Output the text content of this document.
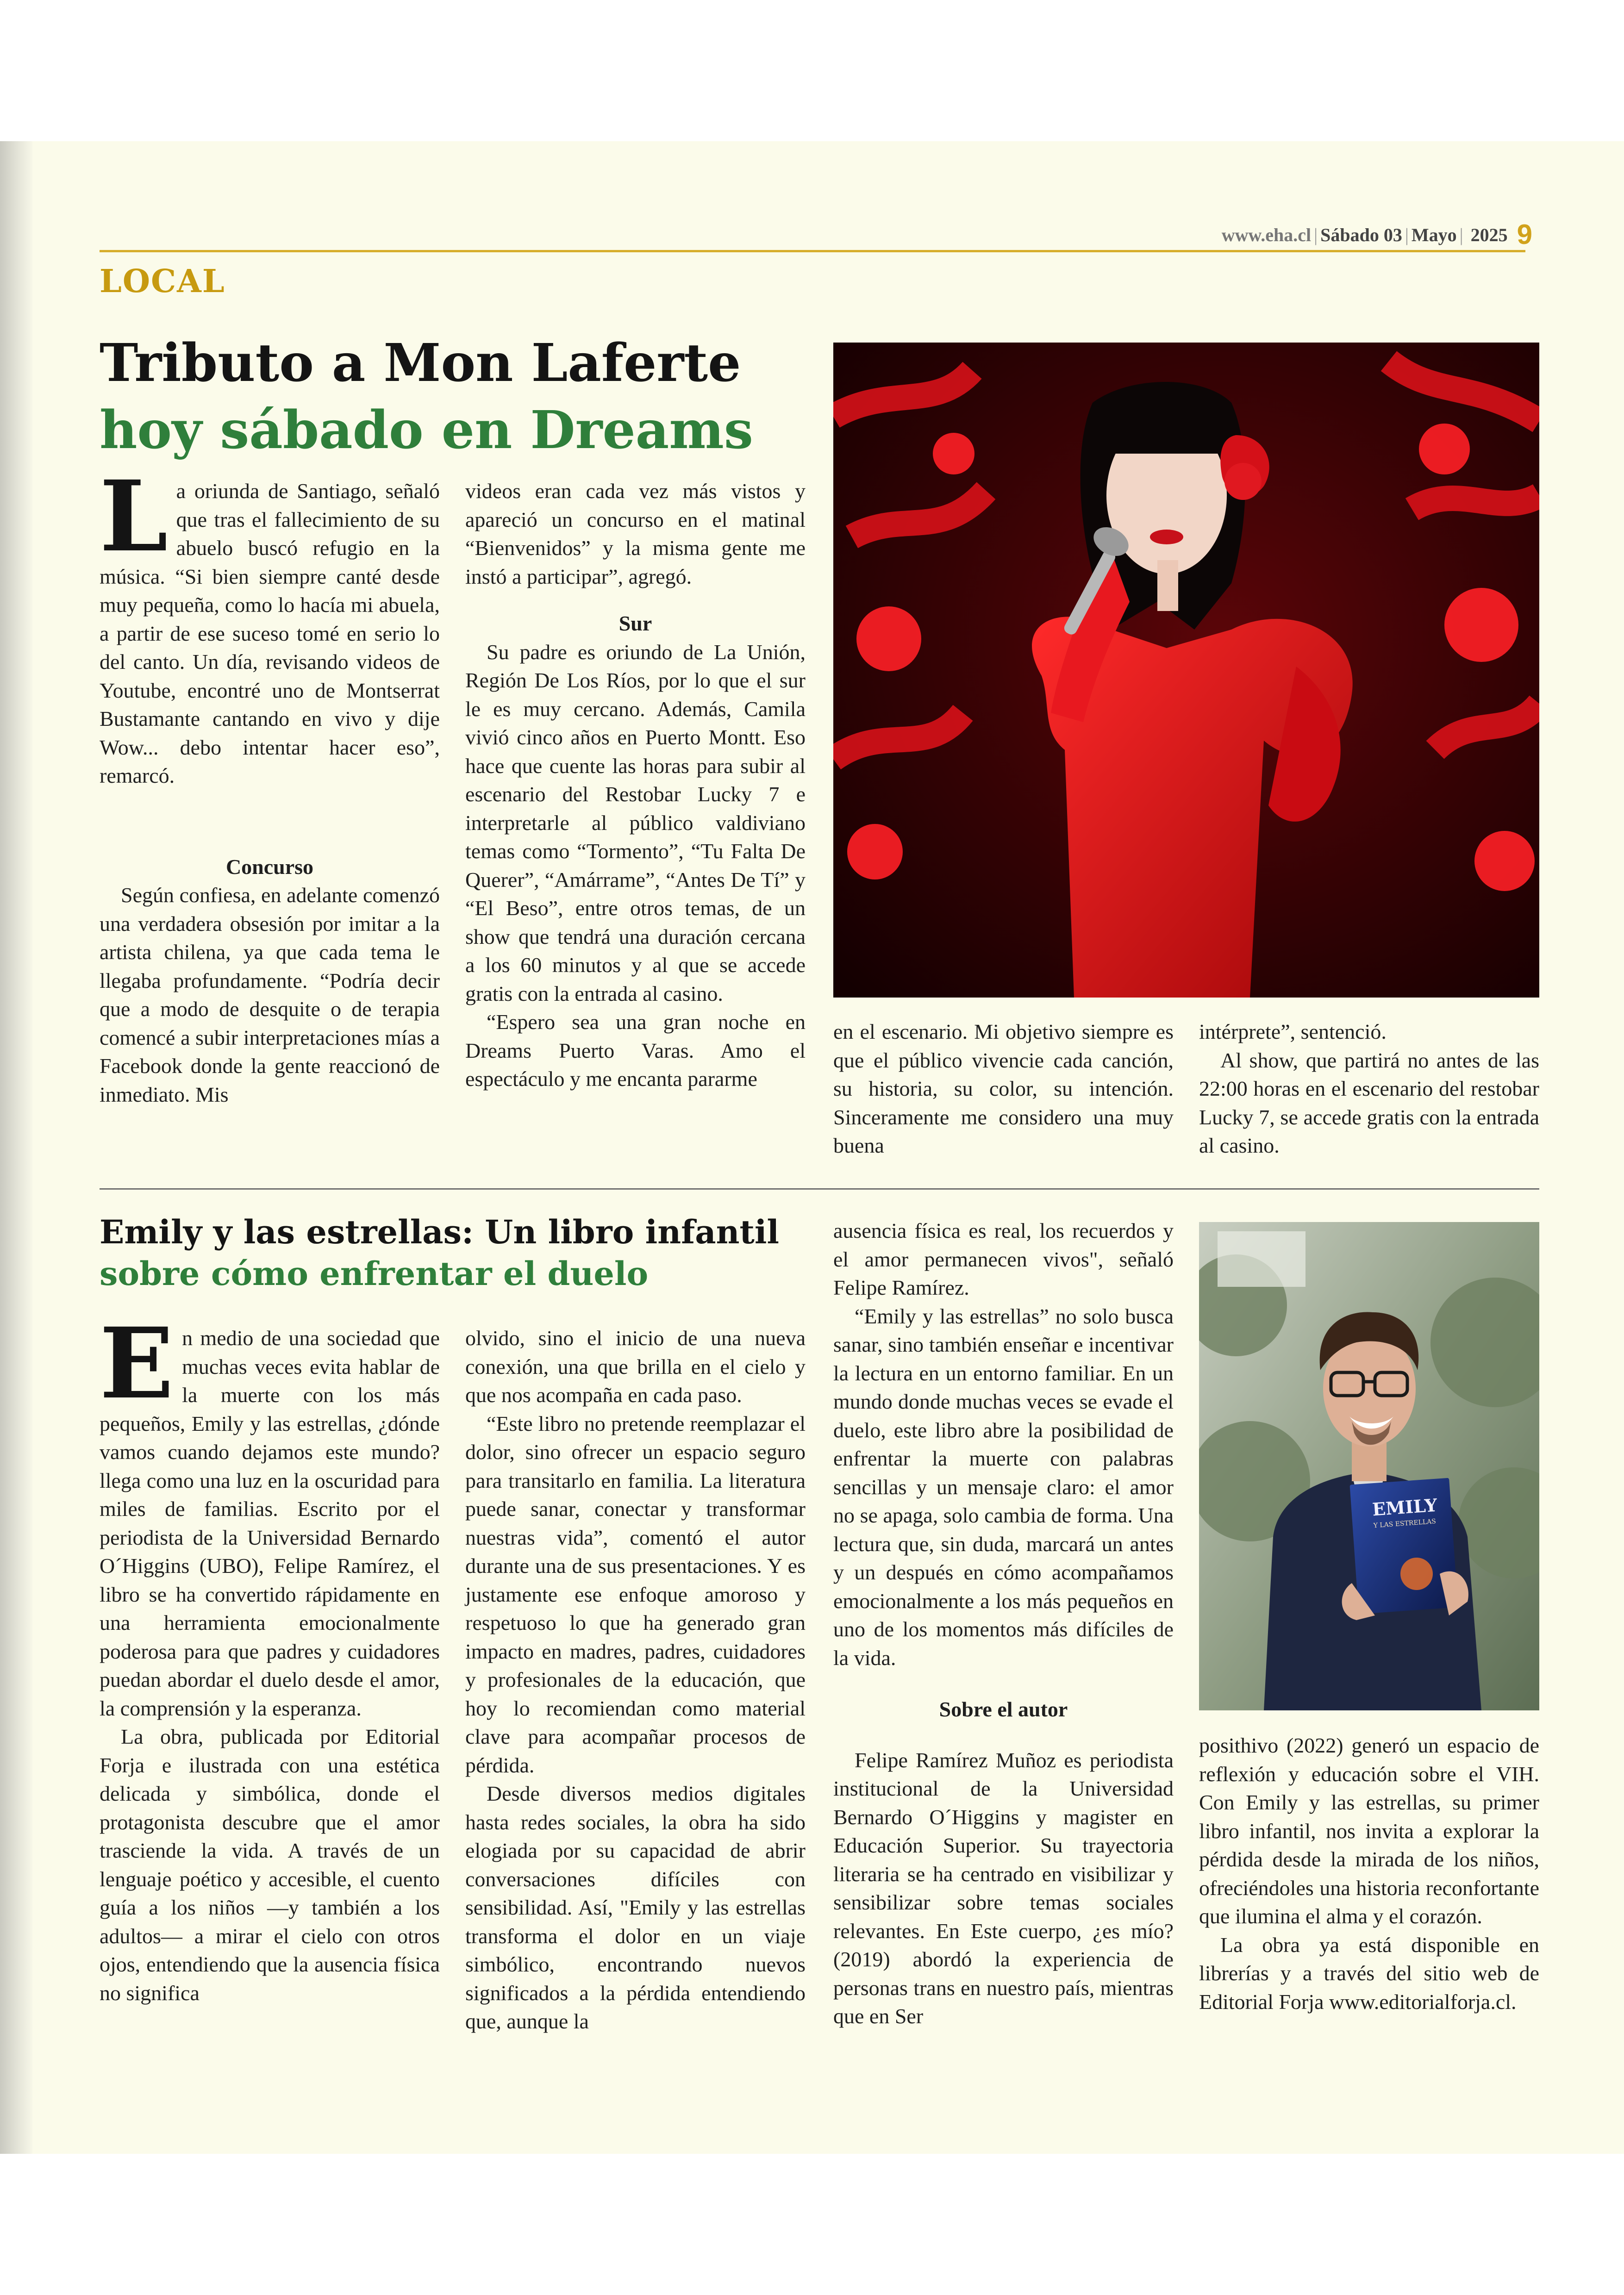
www.eha.cl | Sábado 03 | Mayo | 2025 9
LOCAL
Tributo a Mon Laferte
hoy sábado en Dreams

La oriunda de Santiago, señaló que tras el fallecimiento de su abuelo buscó refugio en la música. “Si bien siempre canté desde muy pequeña, como lo hacía mi abuela, a partir de ese suceso tomé en serio lo del canto. Un día, revisando videos de Youtube, encontré uno de Montserrat Bustamante cantando en vivo y dije Wow... debo intentar hacer eso”, remarcó.

Concurso

Según confiesa, en adelante comenzó una verdadera obsesión por imitar a la artista chilena, ya que cada tema le llegaba profundamente. “Podría decir que a modo de desquite o de terapia comencé a subir interpretaciones mías a Facebook donde la gente reaccionó de inmediato. Mis

videos eran cada vez más vistos y apareció un concurso en el matinal “Bienvenidos” y la misma gente me instó a participar”, agregó.

Sur

Su padre es oriundo de La Unión, Región De Los Ríos, por lo que el sur le es muy cercano. Además, Camila vivió cinco años en Puerto Montt. Eso hace que cuente las horas para subir al escenario del Restobar Lucky 7 e interpretarle al público valdiviano temas como “Tormento”, “Tu Falta De Querer”, “Amárrame”, “Antes De Tí” y “El Beso”, entre otros temas, de un show que tendrá una duración cercana a los 60 minutos y al que se accede gratis con la entrada al casino.

“Espero sea una gran noche en Dreams Puerto Varas. Amo el espectáculo y me encanta pararme

en el escenario. Mi objetivo siempre es que el público vivencie cada canción, su historia, su color, su intención. Sinceramente me considero una muy buena

intérprete”, sentenció.

Al show, que partirá no antes de las 22:00 horas en el escenario del restobar Lucky 7, se accede gratis con la entrada al casino.

Emily y las estrellas: Un libro infantil
sobre cómo enfrentar el duelo

En medio de una sociedad que muchas veces evita hablar de la muerte con los más pequeños, Emily y las estrellas, ¿dónde vamos cuando dejamos este mundo? llega como una luz en la oscuridad para miles de familias. Escrito por el periodista de la Universidad Bernardo O´Higgins (UBO), Felipe Ramírez, el libro se ha convertido rápidamente en una herramienta emocionalmente poderosa para que padres y cuidadores puedan abordar el duelo desde el amor, la comprensión y la esperanza.

La obra, publicada por Editorial Forja e ilustrada con una estética delicada y simbólica, donde el protagonista descubre que el amor trasciende la vida. A través de un lenguaje poético y accesible, el cuento guía a los niños —y también a los adultos— a mirar el cielo con otros ojos, entendiendo que la ausencia física no significa

olvido, sino el inicio de una nueva conexión, una que brilla en el cielo y que nos acompaña en cada paso.

“Este libro no pretende reemplazar el dolor, sino ofrecer un espacio seguro para transitarlo en familia. La literatura puede sanar, conectar y transformar nuestras vida”, comentó el autor durante una de sus presentaciones. Y es justamente ese enfoque amoroso y respetuoso lo que ha generado gran impacto en madres, padres, cuidadores y profesionales de la educación, que hoy lo recomiendan como material clave para acompañar procesos de pérdida.

Desde diversos medios digitales hasta redes sociales, la obra ha sido elogiada por su capacidad de abrir conversaciones difíciles con sensibilidad. Así, "Emily y las estrellas transforma el dolor en un viaje simbólico, encontrando nuevos significados a la pérdida entendiendo que, aunque la

ausencia física es real, los recuerdos y el amor permanecen vivos", señaló Felipe Ramírez.

“Emily y las estrellas” no solo busca sanar, sino también enseñar e incentivar la lectura en un entorno familiar. En un mundo donde muchas veces se evade el duelo, este libro abre la posibilidad de enfrentar la muerte con palabras sencillas y un mensaje claro: el amor no se apaga, solo cambia de forma. Una lectura que, sin duda, marcará un antes y un después en cómo acompañamos emocionalmente a los más pequeños en uno de los momentos más difíciles de la vida.

Sobre el autor

Felipe Ramírez Muñoz es periodista institucional de la Universidad Bernardo O´Higgins y magister en Educación Superior. Su trayectoria literaria se ha centrado en visibilizar y sensibilizar sobre temas sociales relevantes. En Este cuerpo, ¿es mío? (2019) abordó la experiencia de personas trans en nuestro país, mientras que en Ser

EMILY
Y LAS ESTRELLAS

posithivo (2022) generó un espacio de reflexión y educación sobre el VIH. Con Emily y las estrellas, su primer libro infantil, nos invita a explorar la pérdida desde la mirada de los niños, ofreciéndoles una historia reconfortante que ilumina el alma y el corazón.

La obra ya está disponible en librerías y a través del sitio web de Editorial Forja www.editorialforja.cl.
